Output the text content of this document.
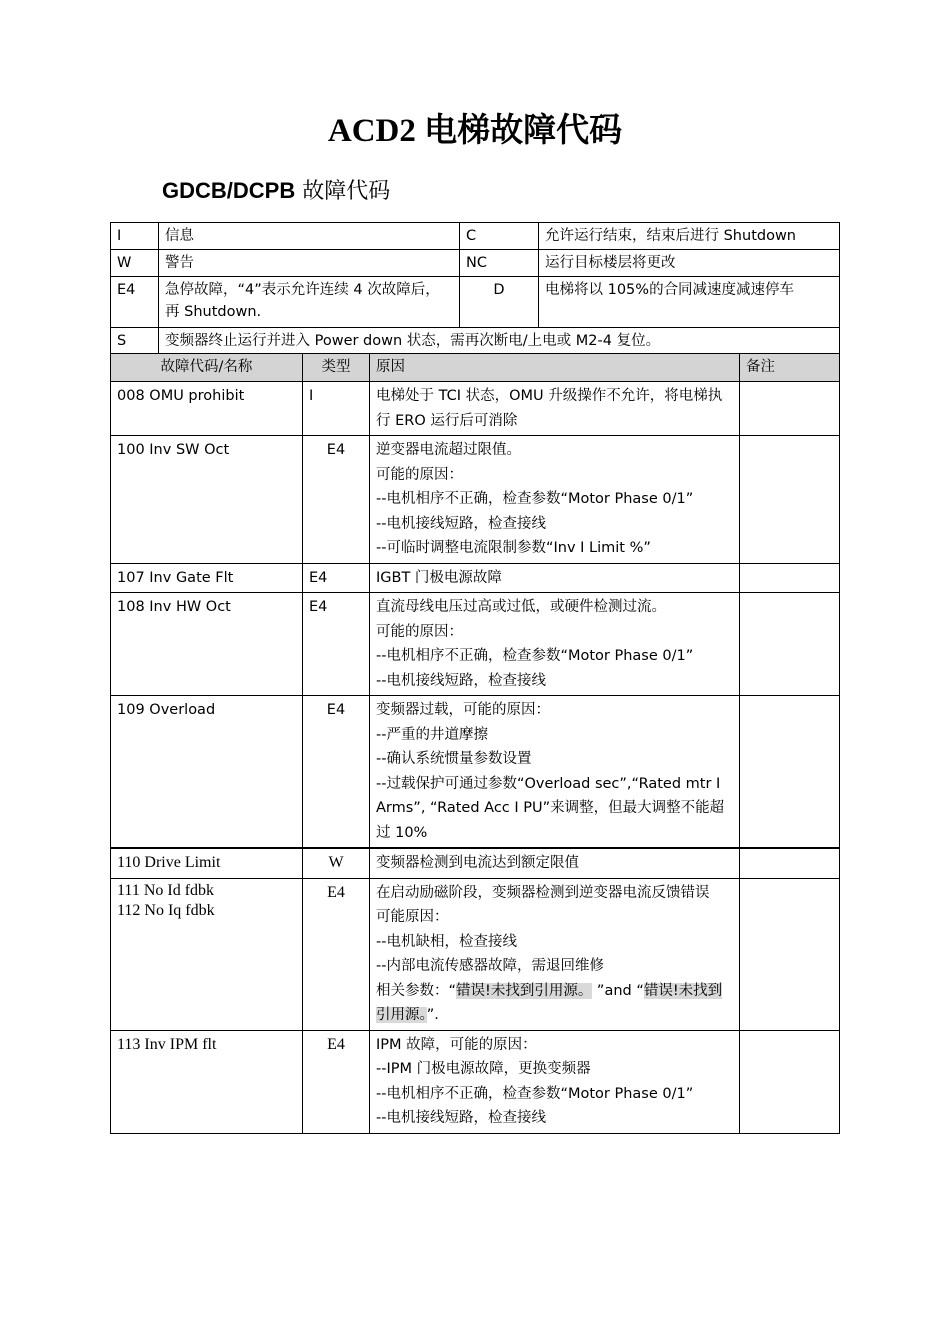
ACD2 电梯故障代码
GDCB/DCPB 故障代码
I	信息	C	允许运行结束，结束后进行 Shutdown
W	警告	NC	运行目标楼层将更改
E4	急停故障，“4”表示允许连续 4 次故障后，再 Shutdown.	D	电梯将以 105%的合同减速度减速停车
S	变频器终止运行并进入 Power down 状态，需再次断电/上电或 M2-4 复位。		
故障代码/名称	类型	原因	备注
008 OMU prohibit	I	电梯处于 TCI 状态，OMU 升级操作不允许，将电梯执行 ERO 运行后可消除	

100 Inv SW Oct	E4	逆变器电流超过限值。
可能的原因：
--电机相序不正确，检查参数“Motor Phase 0/1”
--电机接线短路，检查接线
--可临时调整电流限制参数“Inv I Limit %”	

107 Inv Gate Flt	E4	IGBT 门极电源故障	

108 Inv HW Oct	E4	直流母线电压过高或过低，或硬件检测过流。
可能的原因：
--电机相序不正确，检查参数“Motor Phase 0/1”
--电机接线短路，检查接线	

109 Overload	E4	变频器过载，可能的原因：
--严重的井道摩擦
--确认系统惯量参数设置
--过载保护可通过参数“Overload sec”,“Rated mtr I Arms”, “Rated Acc I PU”来调整，但最大调整不能超过 10%	

110 Drive Limit	W	变频器检测到电流达到额定限值	

111 No Id fdbk
112 No Iq fdbk	E4	在启动励磁阶段，变频器检测到逆变器电流反馈错误
可能原因：
--电机缺相，检查接线
--内部电流传感器故障，需退回维修
相关参数：“错误!未找到引用源。 ”and “错误!未找到引用源。”.	

113 Inv IPM flt	E4	IPM 故障，可能的原因：
--IPM 门极电源故障，更换变频器
--电机相序不正确，检查参数“Motor Phase 0/1”
--电机接线短路，检查接线	
